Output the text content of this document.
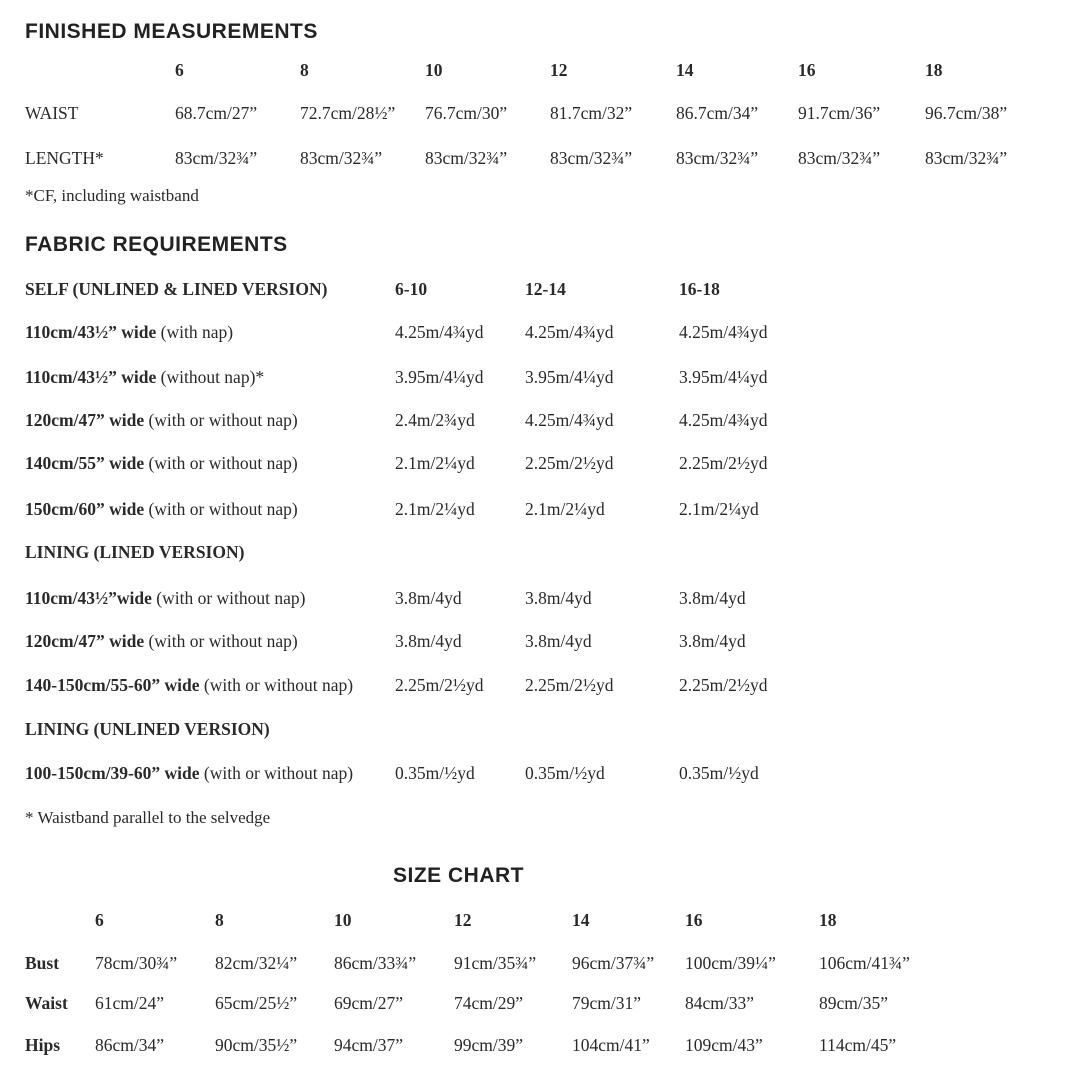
FINISHED MEASUREMENTS
6	8	10	12	14	16	18
WAIST	68.7cm/27” 72.7cm/28½” 76.7cm/30” 81.7cm/32”	86.7cm/34” 91.7cm/36”	96.7cm/38”
LENGTH*	83cm/32¾” 83cm/32¾” 83cm/32¾” 83cm/32¾”	83cm/32¾” 83cm/32¾”	83cm/32¾”
*CF, including waistband
FABRIC REQUIREMENTS
SELF (UNLINED & LINED VERSION)	6-10	12-14	16-18
110cm/43½” wide (with nap)	4.25m/4¾yd 4.25m/4¾yd	4.25m/4¾yd
110cm/43½” wide (without nap)*	3.95m/4¼yd 3.95m/4¼yd	3.95m/4¼yd
120cm/47” wide (with or without nap)	2.4m/2¾yd	4.25m/4¾yd	4.25m/4¾yd
140cm/55” wide (with or without nap)	2.1m/2¼yd	2.25m/2½yd	2.25m/2½yd
150cm/60” wide (with or without nap)	2.1m/2¼yd	2.1m/2¼yd	2.1m/2¼yd
LINING (LINED VERSION)
110cm/43½”wide (with or without nap)	3.8m/4yd	3.8m/4yd	3.8m/4yd
120cm/47” wide (with or without nap)	3.8m/4yd	3.8m/4yd	3.8m/4yd
140-150cm/55-60” wide (with or without nap) 2.25m/2½yd 2.25m/2½yd	2.25m/2½yd
LINING (UNLINED VERSION)
100-150cm/39-60” wide (with or without nap) 0.35m/½yd	0.35m/½yd	0.35m/½yd
* Waistband parallel to the selvedge
SIZE CHART
6	8	10	12	14	16	18
Bust 78cm/30¾” 82cm/32¼” 86cm/33¾” 91cm/35¾” 96cm/37¾” 100cm/39¼” 106cm/41¾”
Waist 61cm/24”	65cm/25½” 69cm/27”	74cm/29”	79cm/31”	84cm/33”	89cm/35”
Hips 86cm/34”	90cm/35½” 94cm/37”	99cm/39”	104cm/41” 109cm/43”	114cm/45”
